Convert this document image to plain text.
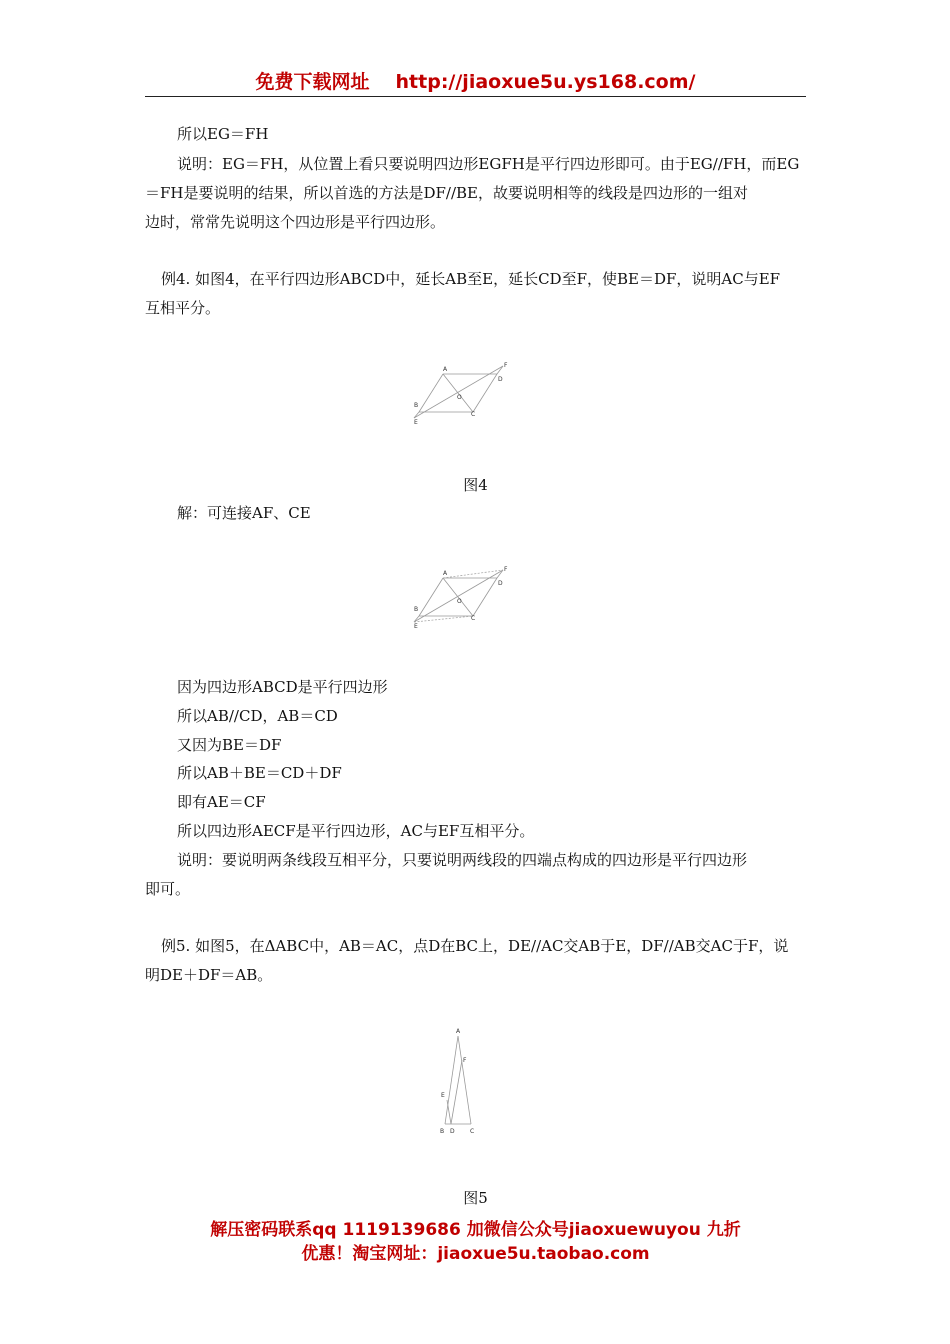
免费下载网址 http://jiaoxue5u.ys168.com/
所以EG＝FH
说明：EG＝FH，从位置上看只要说明四边形EGFH是平行四边形即可。由于EG//FH，而EG
＝FH是要说明的结果，所以首选的方法是DF//BE，故要说明相等的线段是四边形的一组对
边时，常常先说明这个四边形是平行四边形。
例4. 如图4，在平行四边形ABCD中，延长AB至E，延长CD至F，使BE＝DF，说明AC与EF
互相平分。
A
F
D
O
B
C
E
图4
解：可连接AF、CE
A
F
D
O
B
C
E
因为四边形ABCD是平行四边形
所以AB//CD，AB＝CD
又因为BE＝DF
所以AB＋BE＝CD＋DF
即有AE＝CF
所以四边形AECF是平行四边形，AC与EF互相平分。
说明：要说明两条线段互相平分，只要说明两线段的四端点构成的四边形是平行四边形
即可。
例5. 如图5，在ΔABC中，AB＝AC，点D在BC上，DE//AC交AB于E，DF//AB交AC于F，说
明DE＋DF＝AB。
A
F
E
B D	C
图5
解压密码联系qq 1119139686 加微信公众号jiaoxuewuyou 九折
优惠！淘宝网址：jiaoxue5u.taobao.com
